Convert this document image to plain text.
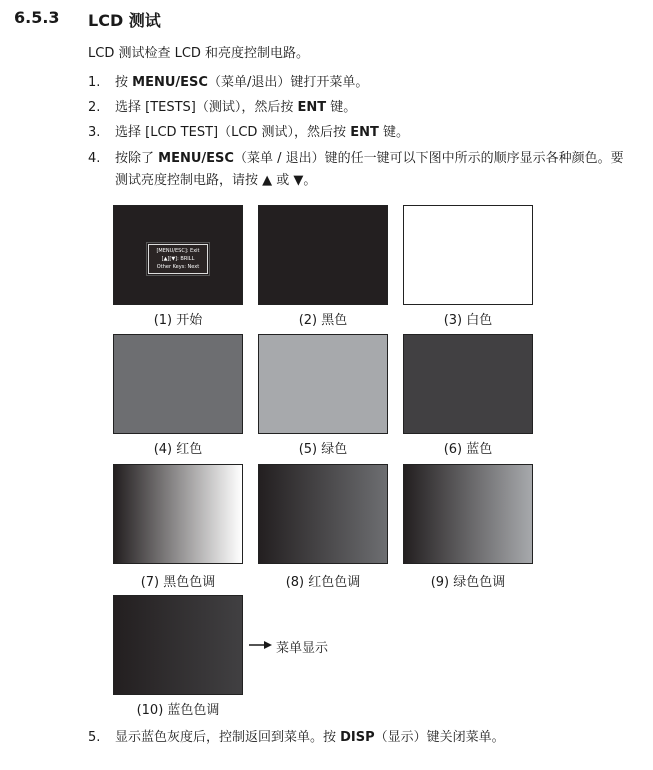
6.5.3 LCD 测试
LCD 测试检查 LCD 和亮度控制电路。
1. 按 MENU/ESC（菜单/退出）键打开菜单。
2. 选择 [TESTS]（测试），然后按 ENT 键。
3. 选择 [LCD TEST]（LCD 测试），然后按 ENT 键。
4. 按除了 MENU/ESC（菜单 / 退出）键的任一键可以下图中所示的顺序显示各种颜色。要测试亮度控制电路，请按 ▲ 或 ▼。
[MENU/ESC]: Exit
[▲][▼]: BRILL
Other Keys: Next
(1) 开始	(2) 黑色	(3) 白色
(4) 红色	(5) 绿色	(6) 蓝色
(7) 黑色色调	(8) 红色色调	(9) 绿色色调
(10) 蓝色色调
菜单显示
5. 显示蓝色灰度后，控制返回到菜单。按 DISP（显示）键关闭菜单。
